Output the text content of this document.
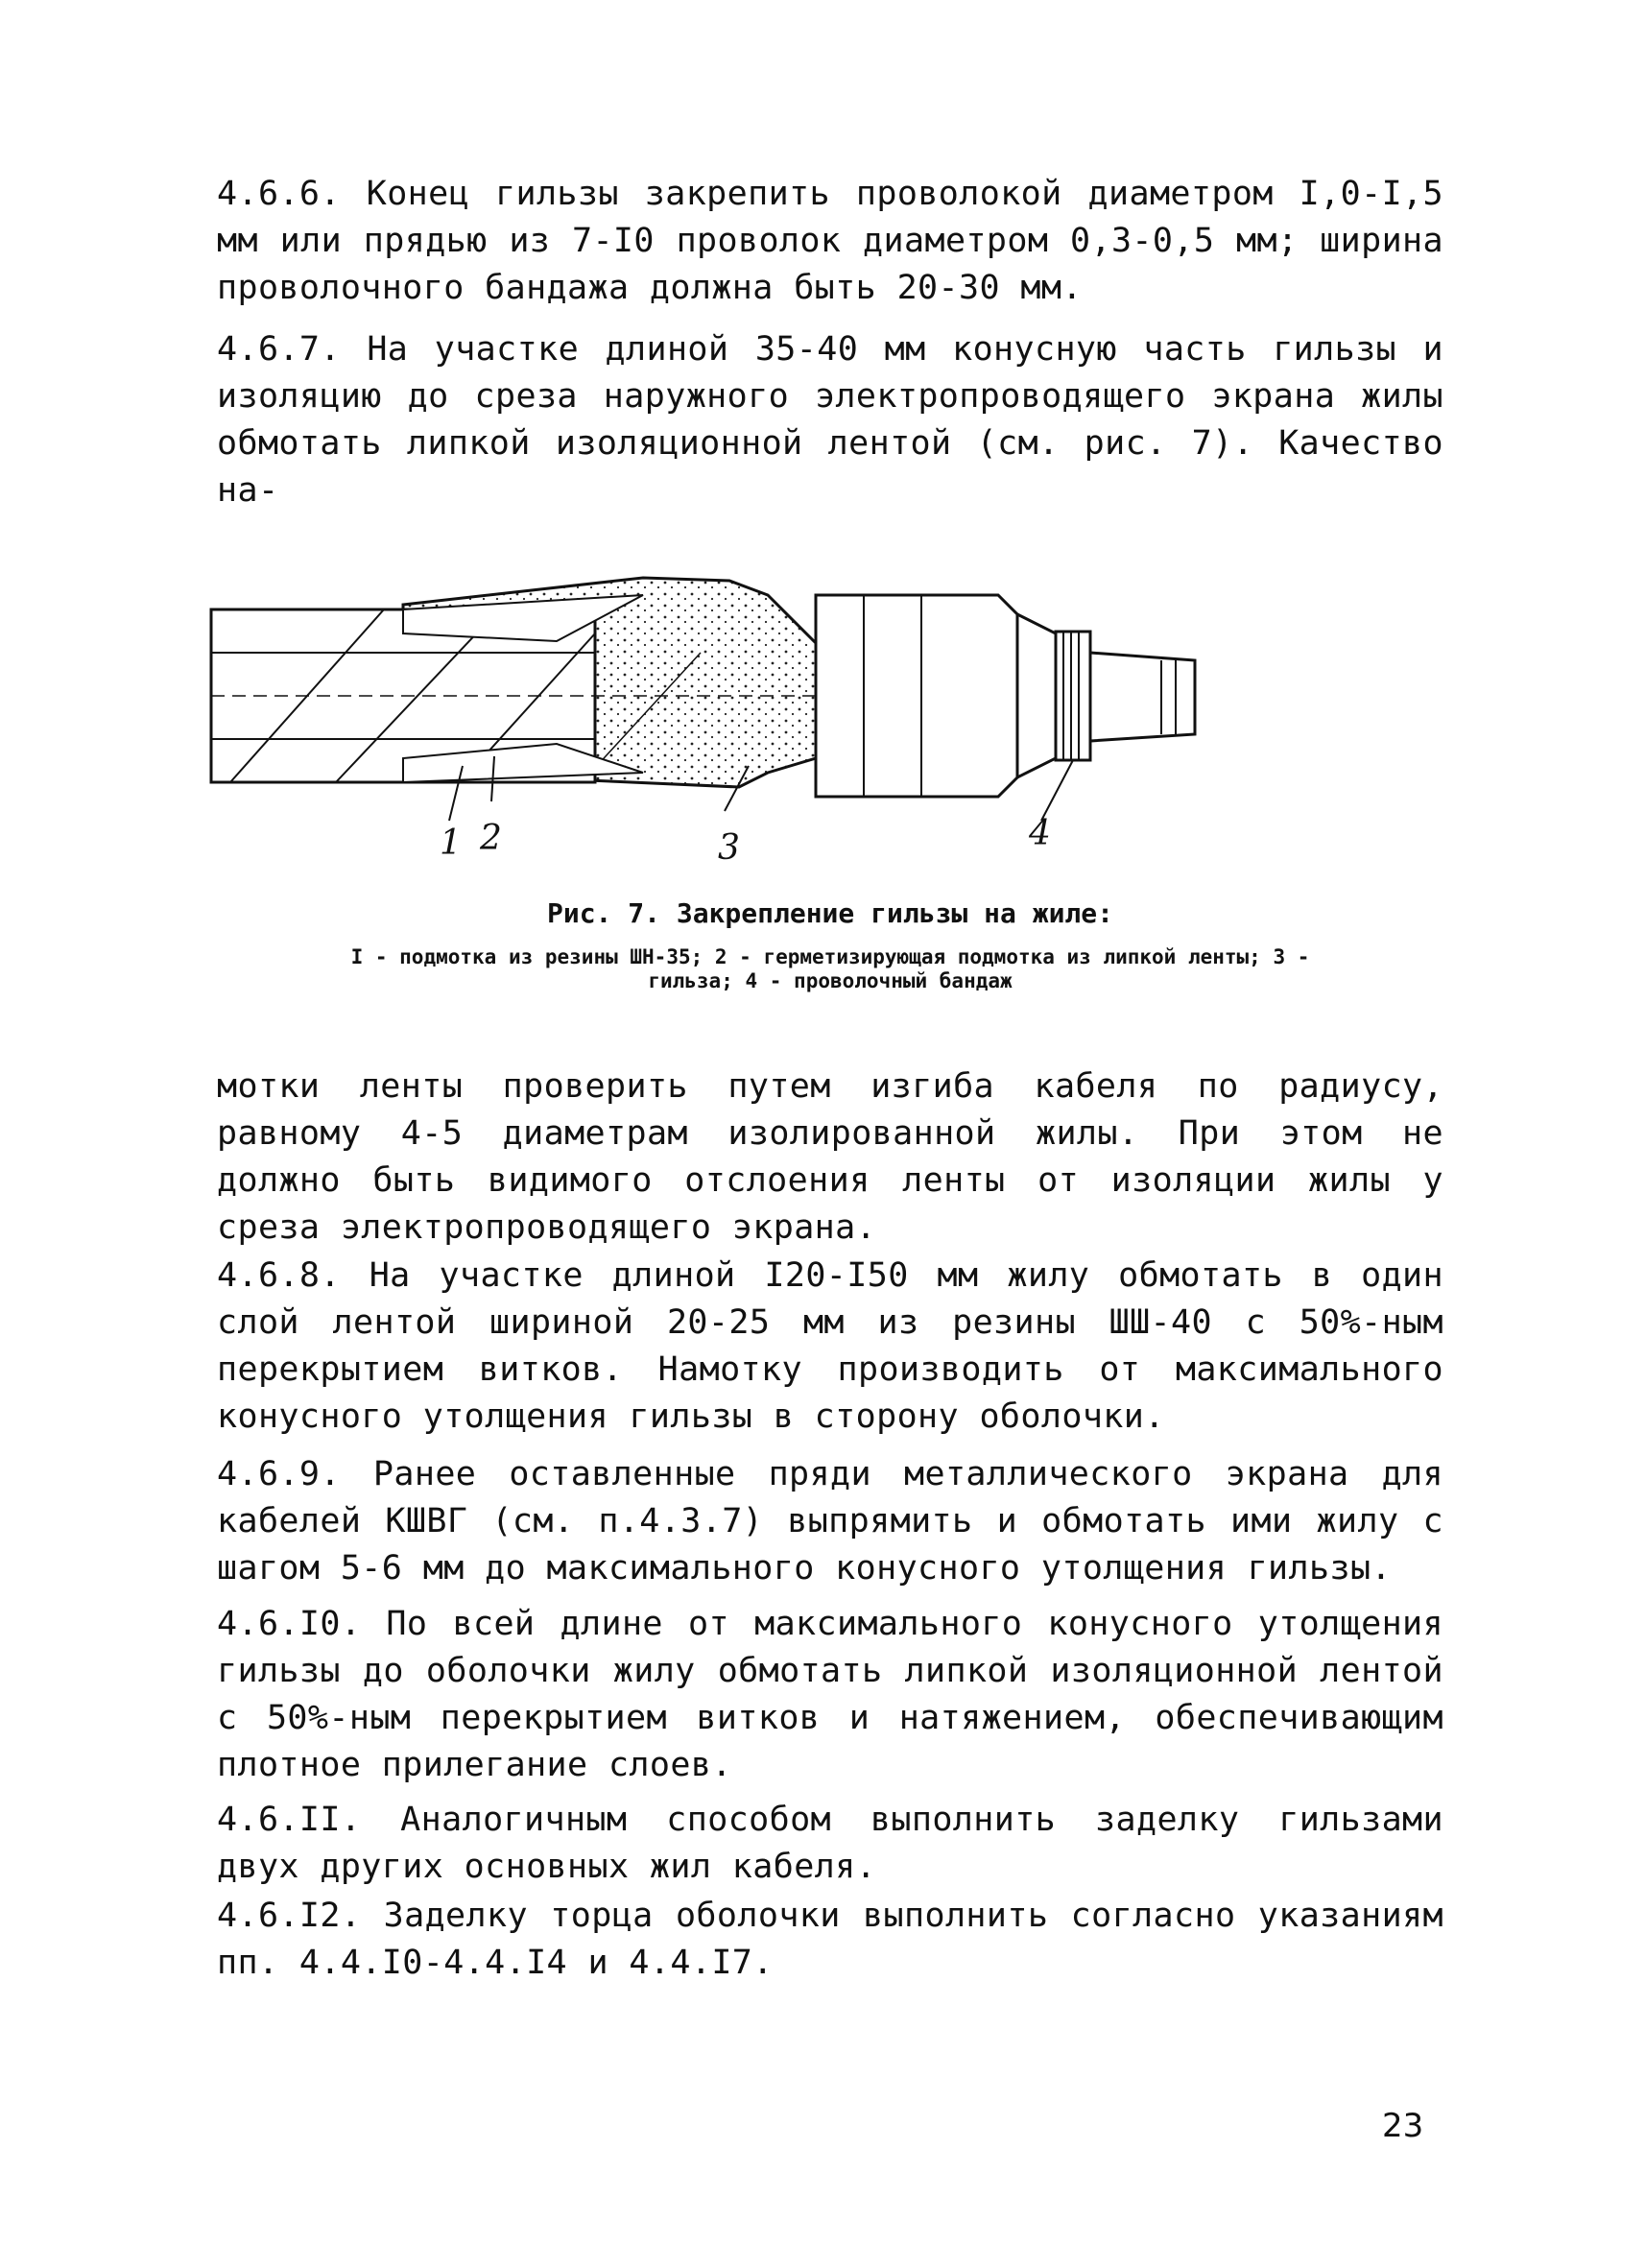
4.6.6. Конец гильзы закрепить проволокой диаметром I,0-I,5 мм или прядью из 7-I0 проволок диаметром 0,3-0,5 мм; ширина проволочного бандажа должна быть 20-30 мм.

4.6.7. На участке длиной 35-40 мм конусную часть гильзы и изоляцию до среза наружного электропроводящего экрана жилы обмотать липкой изоляционной лентой (см. рис. 7). Качество на-

1 2	3	4

Рис. 7. Закрепление гильзы на жиле:

I - подмотка из резины ШН-35; 2 - герметизирующая подмотка из липкой ленты; 3 - гильза; 4 - проволочный бандаж

мотки ленты проверить путем изгиба кабеля по радиусу, равному 4-5 диаметрам изолированной жилы. При этом не должно быть видимого отслоения ленты от изоляции жилы у среза электропроводящего экрана.

4.6.8. На участке длиной I20-I50 мм жилу обмотать в один слой лентой шириной 20-25 мм из резины ШШ-40 с 50%-ным перекрытием витков. Намотку производить от максимального конусного утолщения гильзы в сторону оболочки.

4.6.9. Ранее оставленные пряди металлического экрана для кабелей КШВГ (см. п.4.3.7) выпрямить и обмотать ими жилу с шагом 5-6 мм до максимального конусного утолщения гильзы.

4.6.I0. По всей длине от максимального конусного утолщения гильзы до оболочки жилу обмотать липкой изоляционной лентой с 50%-ным перекрытием витков и натяжением, обеспечивающим плотное прилегание слоев.

4.6.II. Аналогичным способом выполнить заделку гильзами двух других основных жил кабеля.

4.6.I2. Заделку торца оболочки выполнить согласно указаниям пп. 4.4.I0-4.4.I4 и 4.4.I7.

23
